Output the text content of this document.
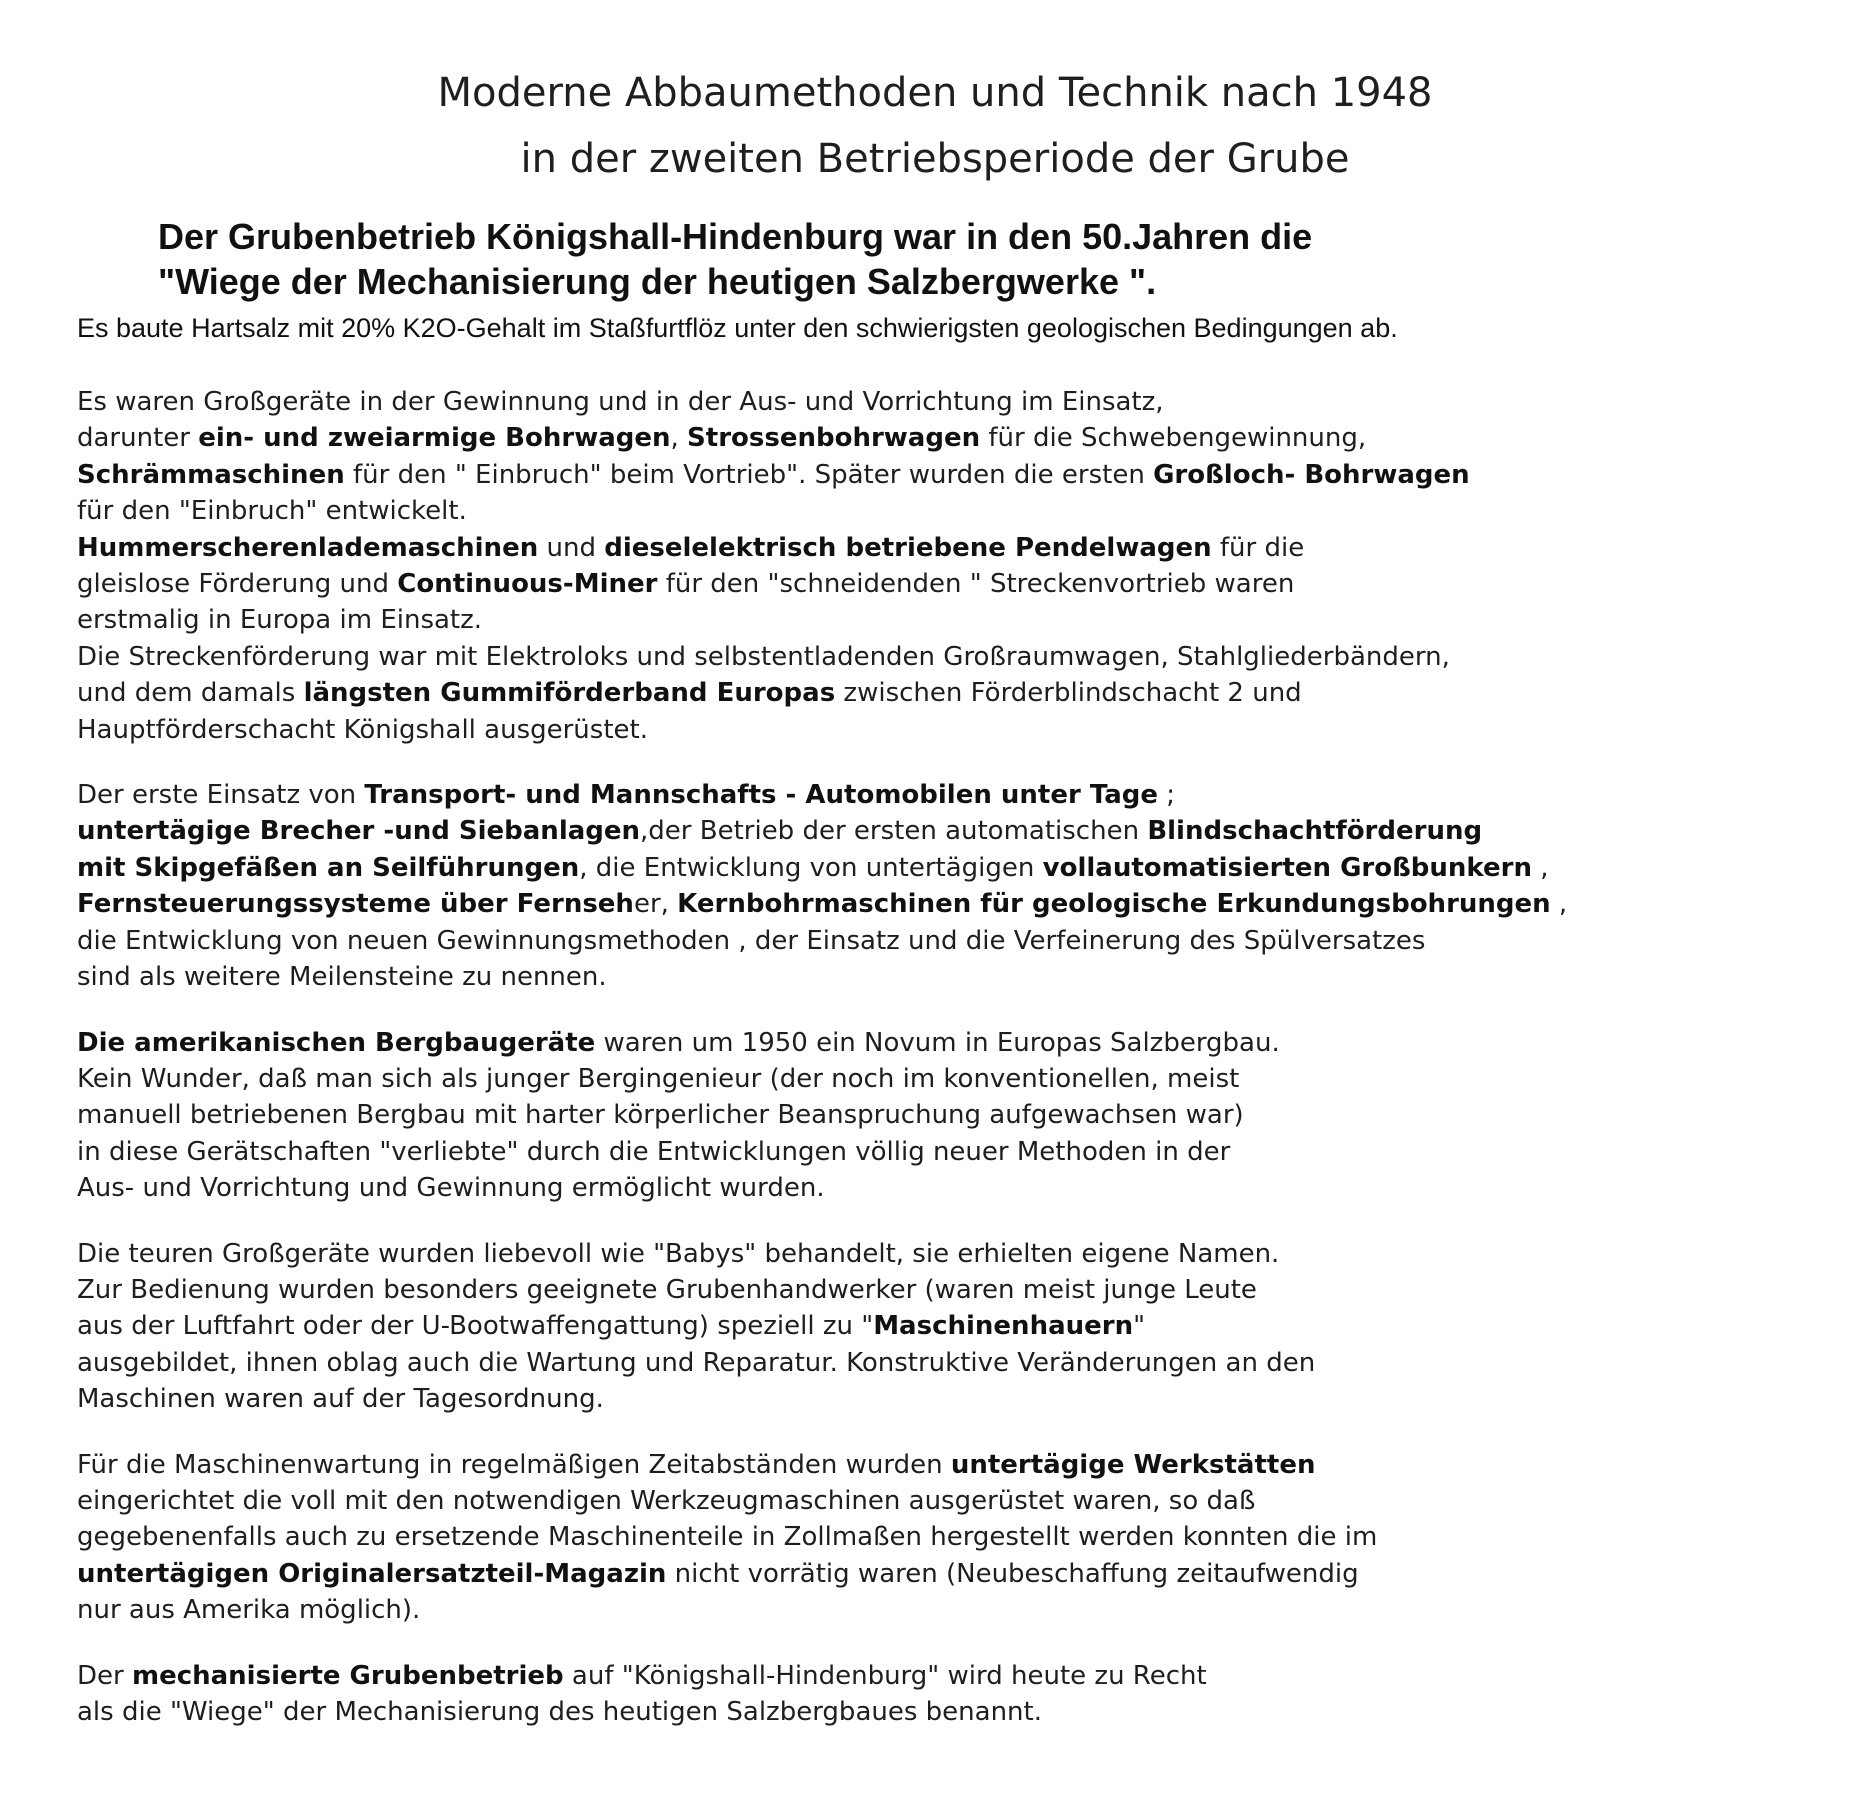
Moderne Abbaumethoden und Technik nach 1948
in der zweiten Betriebsperiode der Grube
Der Grubenbetrieb Königshall-Hindenburg war in den 50.Jahren die
"Wiege der Mechanisierung der heutigen Salzbergwerke ".

Es baute Hartsalz mit 20% K2O-Gehalt im Staßfurtflöz unter den schwierigsten geologischen Bedingungen ab.

Es waren Großgeräte in der Gewinnung und in der Aus- und Vorrichtung im Einsatz,
darunter ein- und zweiarmige Bohrwagen, Strossenbohrwagen für die Schwebengewinnung,
Schrämmaschinen für den " Einbruch" beim Vortrieb". Später wurden die ersten Großloch- Bohrwagen
für den "Einbruch" entwickelt.
Hummerscherenlademaschinen und dieselelektrisch betriebene Pendelwagen für die
gleislose Förderung und Continuous-Miner für den "schneidenden " Streckenvortrieb waren
erstmalig in Europa im Einsatz.
Die Streckenförderung war mit Elektroloks und selbstentladenden Großraumwagen, Stahlgliederbändern,
und dem damals längsten Gummiförderband Europas zwischen Förderblindschacht 2 und
Hauptförderschacht Königshall ausgerüstet.

Der erste Einsatz von Transport- und Mannschafts - Automobilen unter Tage ;
untertägige Brecher -und Siebanlagen,der Betrieb der ersten automatischen Blindschachtförderung
mit Skipgefäßen an Seilführungen, die Entwicklung von untertägigen vollautomatisierten Großbunkern ,
Fernsteuerungssysteme über Fernseher, Kernbohrmaschinen für geologische Erkundungsbohrungen ,
die Entwicklung von neuen Gewinnungsmethoden , der Einsatz und die Verfeinerung des Spülversatzes
sind als weitere Meilensteine zu nennen.

Die amerikanischen Bergbaugeräte waren um 1950 ein Novum in Europas Salzbergbau.
Kein Wunder, daß man sich als junger Bergingenieur (der noch im konventionellen, meist
manuell betriebenen Bergbau mit harter körperlicher Beanspruchung aufgewachsen war)
in diese Gerätschaften "verliebte" durch die Entwicklungen völlig neuer Methoden in der
Aus- und Vorrichtung und Gewinnung ermöglicht wurden.

Die teuren Großgeräte wurden liebevoll wie "Babys" behandelt, sie erhielten eigene Namen.
Zur Bedienung wurden besonders geeignete Grubenhandwerker (waren meist junge Leute
aus der Luftfahrt oder der U-Bootwaffengattung) speziell zu "Maschinenhauern"
ausgebildet, ihnen oblag auch die Wartung und Reparatur. Konstruktive Veränderungen an den
Maschinen waren auf der Tagesordnung.

Für die Maschinenwartung in regelmäßigen Zeitabständen wurden untertägige Werkstätten
eingerichtet die voll mit den notwendigen Werkzeugmaschinen ausgerüstet waren, so daß
gegebenenfalls auch zu ersetzende Maschinenteile in Zollmaßen hergestellt werden konnten die im
untertägigen Originalersatzteil-Magazin nicht vorrätig waren (Neubeschaffung zeitaufwendig
nur aus Amerika möglich).

Der mechanisierte Grubenbetrieb auf "Königshall-Hindenburg" wird heute zu Recht
als die "Wiege" der Mechanisierung des heutigen Salzbergbaues benannt.
